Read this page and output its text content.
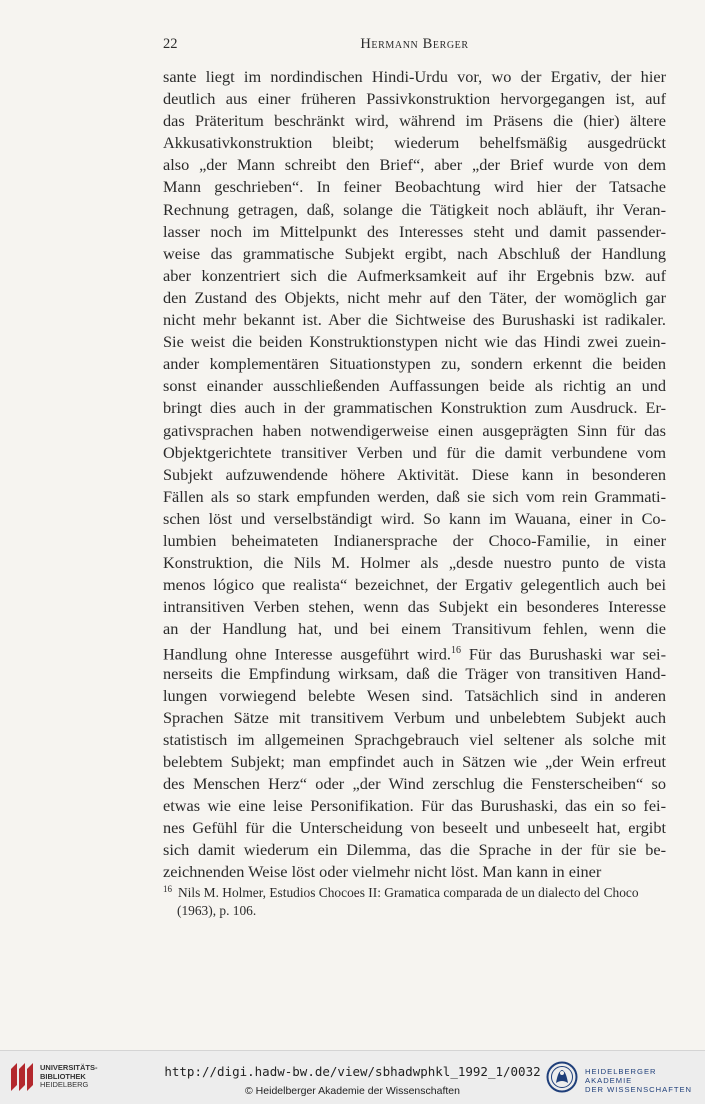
22	Hermann Berger
sante liegt im nordindischen Hindi-Urdu vor, wo der Ergativ, der hier
deutlich aus einer früheren Passivkonstruktion hervorgegangen ist, auf
das Präteritum beschränkt wird, während im Präsens die (hier) ältere
Akkusativkonstruktion bleibt; wiederum behelfsmäßig ausgedrückt
also „der Mann schreibt den Brief“, aber „der Brief wurde von dem
Mann geschrieben“. In feiner Beobachtung wird hier der Tatsache
Rechnung getragen, daß, solange die Tätigkeit noch abläuft, ihr Veran-
lasser noch im Mittelpunkt des Interesses steht und damit passender-
weise das grammatische Subjekt ergibt, nach Abschluß der Handlung
aber konzentriert sich die Aufmerksamkeit auf ihr Ergebnis bzw. auf
den Zustand des Objekts, nicht mehr auf den Täter, der womöglich gar
nicht mehr bekannt ist. Aber die Sichtweise des Burushaski ist radikaler.
Sie weist die beiden Konstruktionstypen nicht wie das Hindi zwei zuein-
ander komplementären Situationstypen zu, sondern erkennt die beiden
sonst einander ausschließenden Auffassungen beide als richtig an und
bringt dies auch in der grammatischen Konstruktion zum Ausdruck. Er-
gativsprachen haben notwendigerweise einen ausgeprägten Sinn für das
Objektgerichtete transitiver Verben und für die damit verbundene vom
Subjekt aufzuwendende höhere Aktivität. Diese kann in besonderen
Fällen als so stark empfunden werden, daß sie sich vom rein Grammati-
schen löst und verselbständigt wird. So kann im Wauana, einer in Co-
lumbien beheimateten Indianersprache der Choco-Familie, in einer
Konstruktion, die Nils M. Holmer als „desde nuestro punto de vista
menos lógico que realista“ bezeichnet, der Ergativ gelegentlich auch bei
intransitiven Verben stehen, wenn das Subjekt ein besonderes Interesse
an der Handlung hat, und bei einem Transitivum fehlen, wenn die
Handlung ohne Interesse ausgeführt wird.$^{16}$ Für das Burushaski war sei-
nerseits die Empfindung wirksam, daß die Träger von transitiven Hand-
lungen vorwiegend belebte Wesen sind. Tatsächlich sind in anderen
Sprachen Sätze mit transitivem Verbum und unbelebtem Subjekt auch
statistisch im allgemeinen Sprachgebrauch viel seltener als solche mit
belebtem Subjekt; man empfindet auch in Sätzen wie „der Wein erfreut
des Menschen Herz“ oder „der Wind zerschlug die Fensterscheiben“ so
etwas wie eine leise Personifikation. Für das Burushaski, das ein so fei-
nes Gefühl für die Unterscheidung von beseelt und unbeseelt hat, ergibt
sich damit wiederum ein Dilemma, das die Sprache in der für sie be-
zeichnenden Weise löst oder vielmehr nicht löst. Man kann in einer
$^{16}$ Nils M. Holmer, Estudios Chocoes II: Gramatica comparada de un dialecto del Choco
(1963), p. 106.
UNIVERSITÄTS-
BIBLIOTHEK
HEIDELBERG
http://digi.hadw-bw.de/view/sbhadwphkl_1992_1/0032
© Heidelberger Akademie der Wissenschaften
HEIDELBERGER AKADEMIE
DER WISSENSCHAFTEN
